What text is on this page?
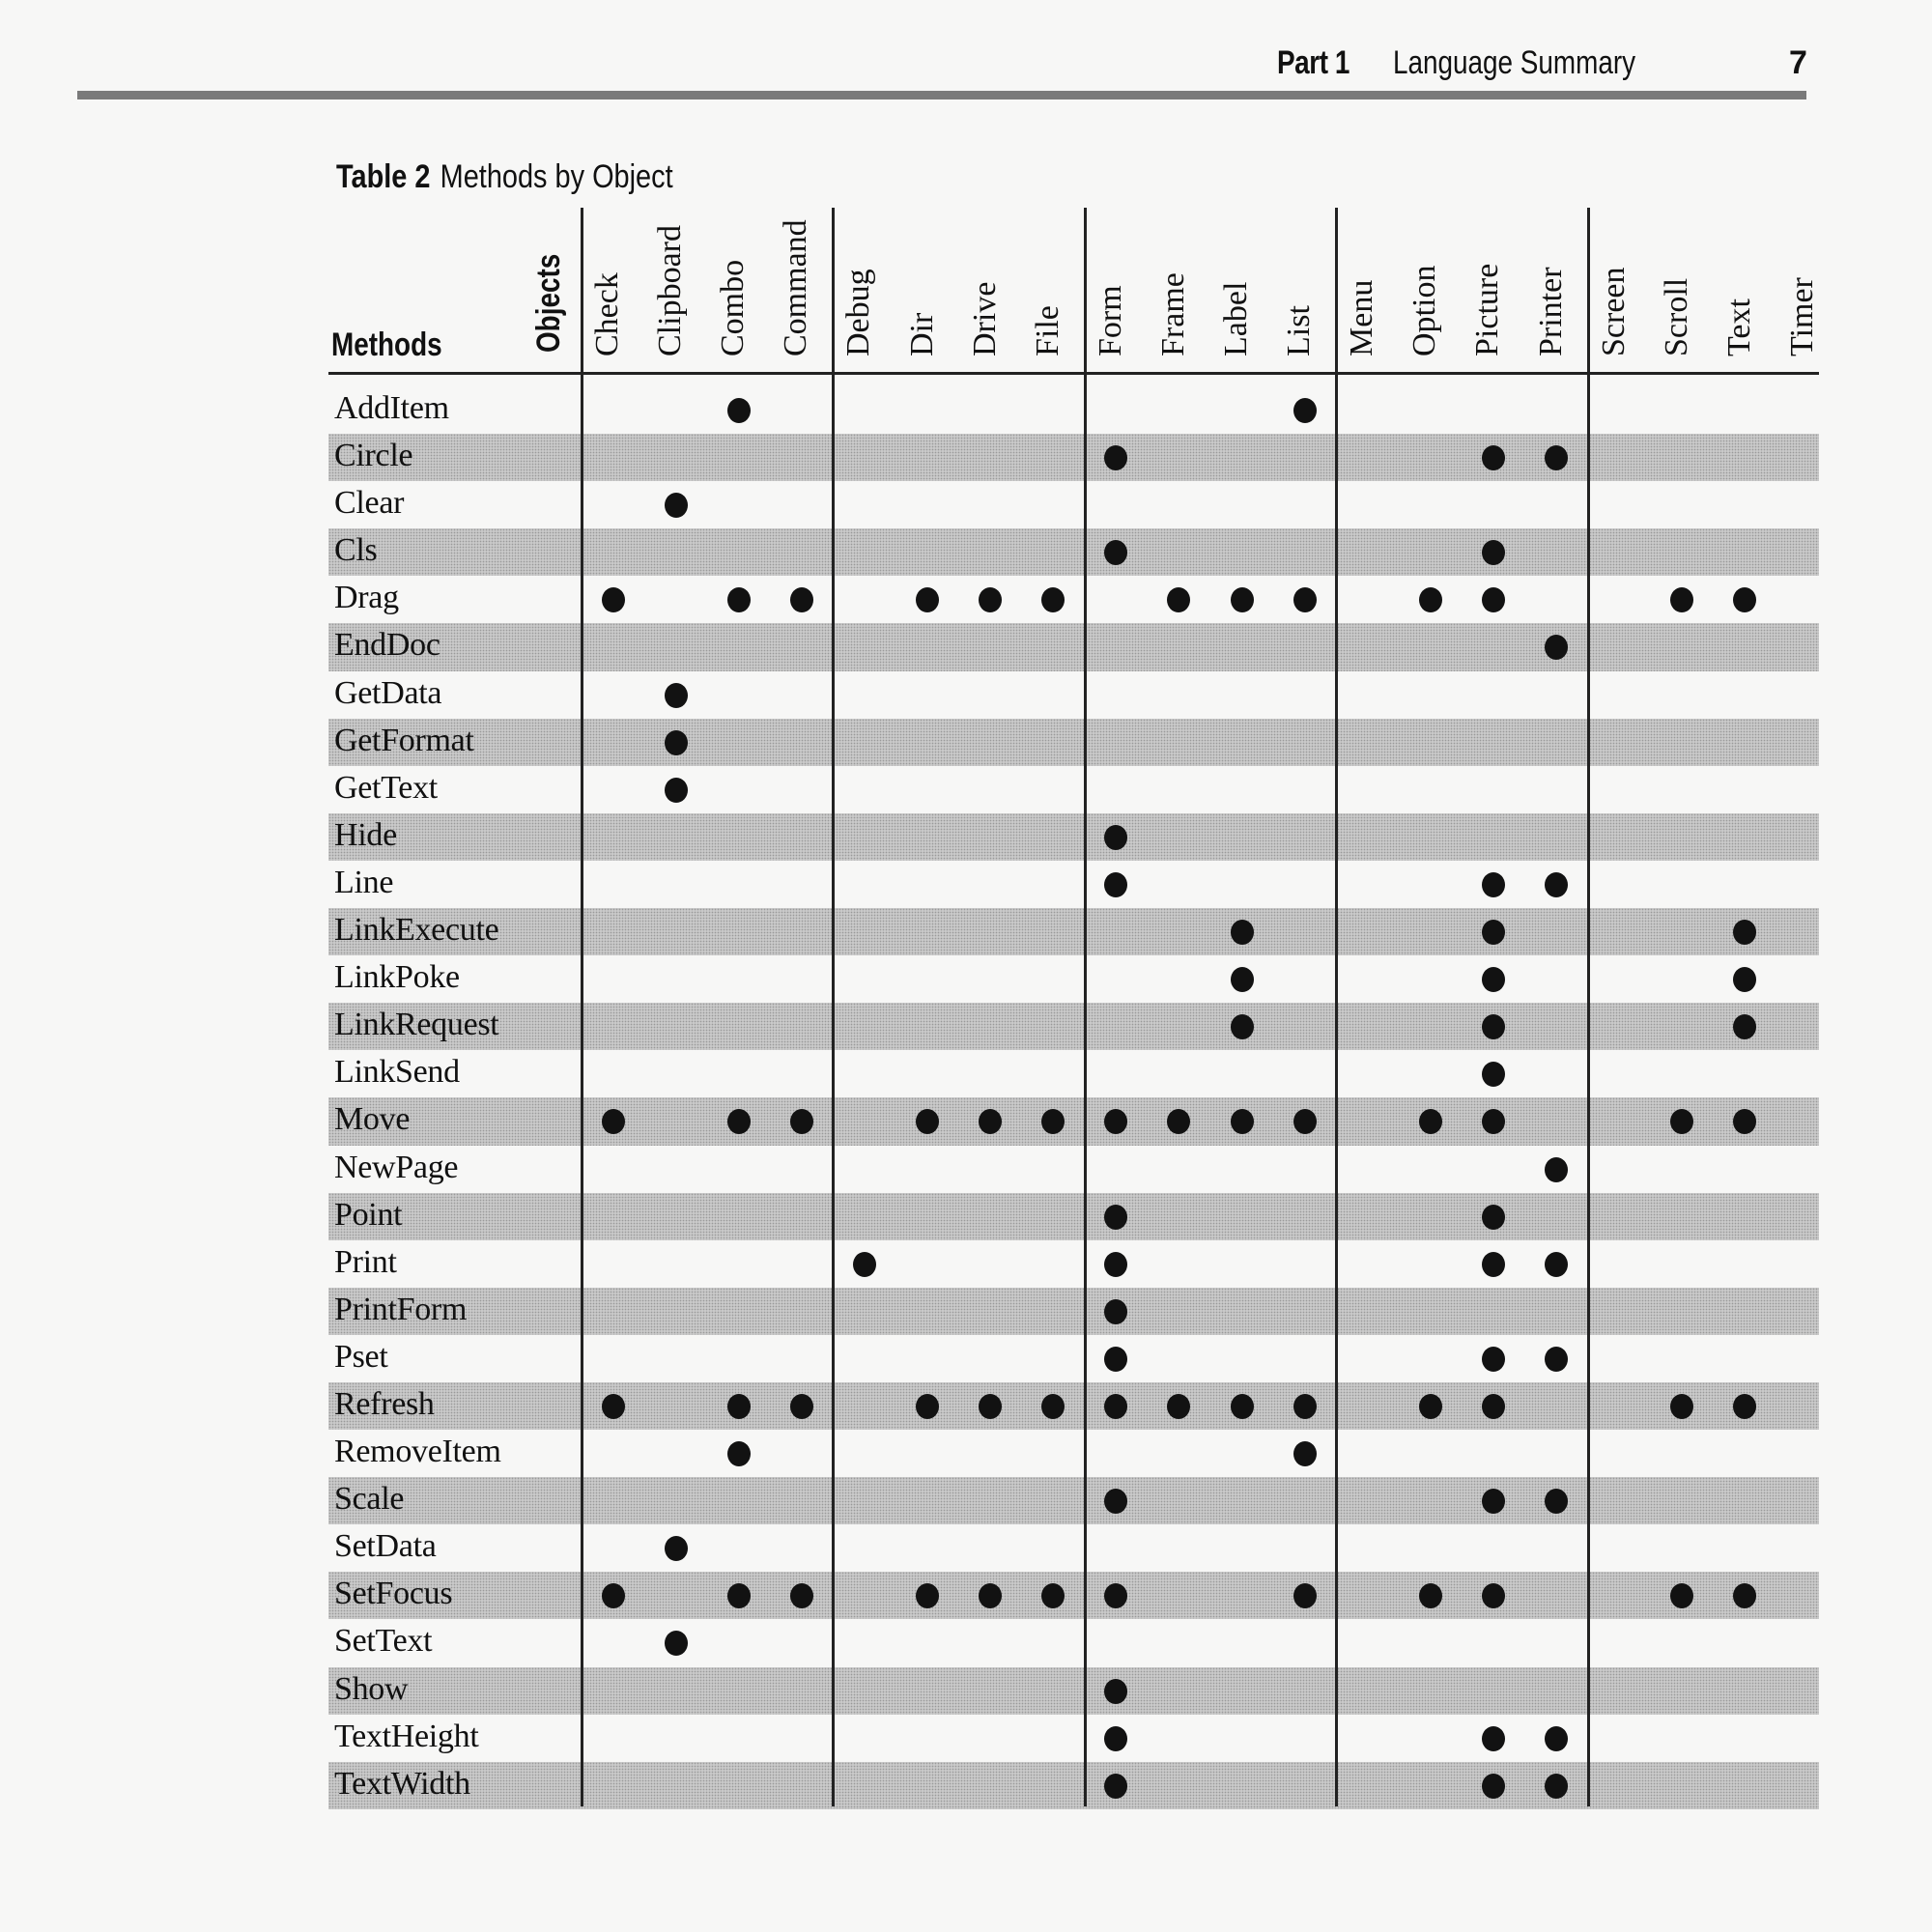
Part 1 Language Summary	7
Table 2 Methods by Object
Methods	Objects Check Clipboard Combo Command Debug Dir Drive File Form Frame Label List Menu Option Picture Printer Screen Scroll Text Timer
AddItem
Circle
Clear
Cls
Drag
EndDoc
GetData
GetFormat
GetText
Hide
Line
LinkExecute
LinkPoke
LinkRequest
LinkSend
Move
NewPage
Point
Print
PrintForm
Pset
Refresh
RemoveItem
Scale
SetData
SetFocus
SetText
Show
TextHeight
TextWidth
